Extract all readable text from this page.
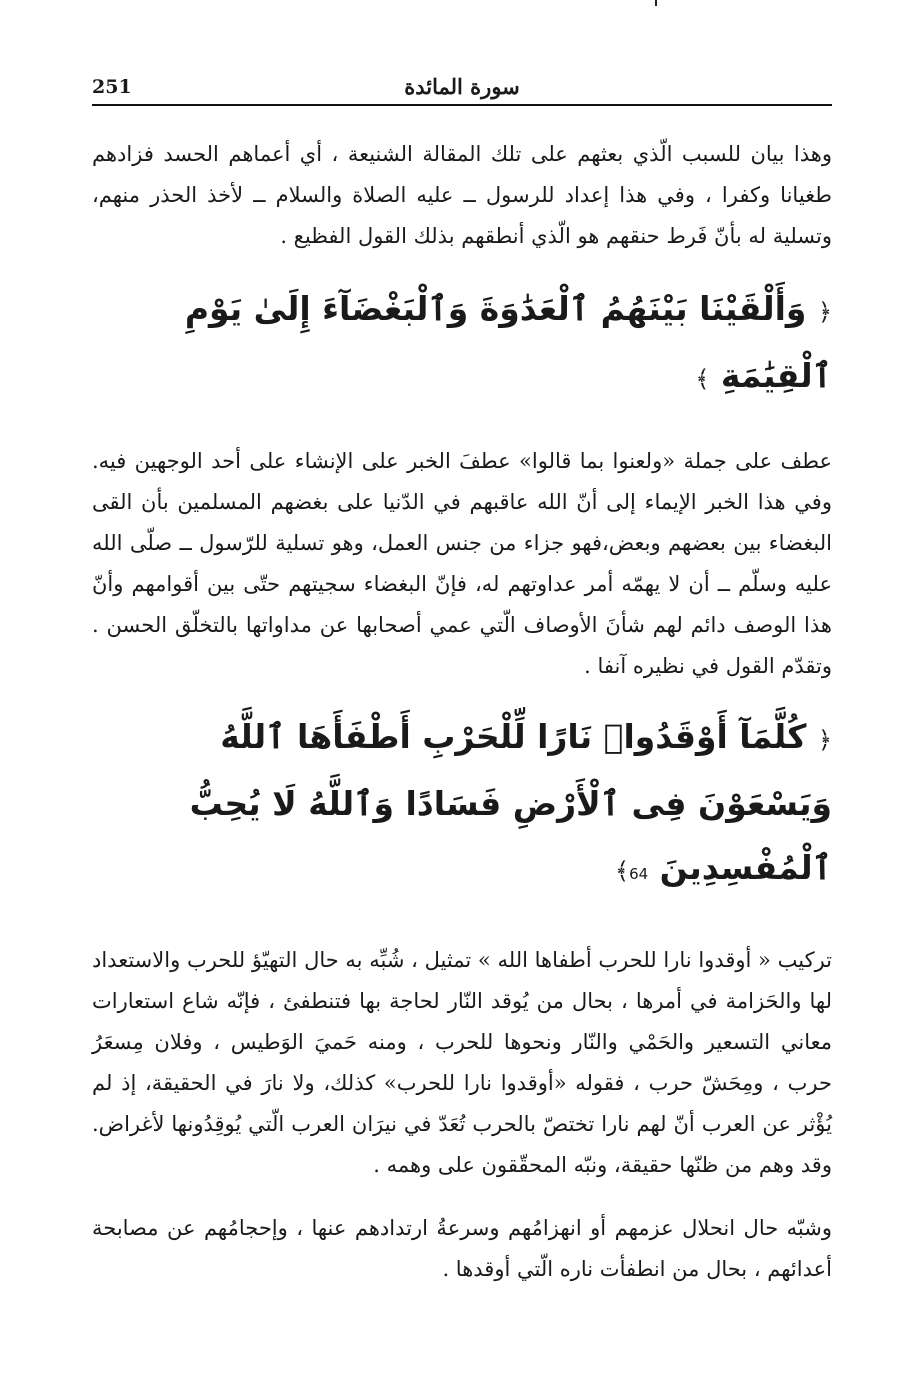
251	سورة المائدة

وهذا بيان للسبب الّذي بعثهم على تلك المقالة الشنيعة ، أي أعماهم الحسد فزادهم طغيانا وكفرا ، وفي هذا إعداد للرسول ــ عليه الصلاة والسلام ــ لأخذ الحذر منهم، وتسلية له بأنّ فَرط حنقهم هو الّذي أنطقهم بذلك القول الفظيع .

﴿ وَأَلْقَيْنَا بَيْنَهُمُ ٱلْعَدَٰوَةَ وَٱلْبَغْضَآءَ إِلَىٰ يَوْمِ ٱلْقِيَٰمَةِ ﴾

عطف على جملة «ولعنوا بما قالوا» عطفَ الخبر على الإنشاء على أحد الوجهين فيه. وفي هذا الخبر الإيماء إلى أنّ الله عاقبهم في الدّنيا على بغضهم المسلمين بأن القى البغضاء بين بعضهم وبعض،فهو جزاء من جنس العمل، وهو تسلية للرّسول ــ صلّى الله عليه وسلّم ــ أن لا يهمّه أمر عداوتهم له، فإنّ البغضاء سجيتهم حتّى بين أقوامهم وأنّ هذا الوصف دائم لهم شأنَ الأوصاف الّتي عمي أصحابها عن مداواتها بالتخلّق الحسن . وتقدّم القول في نظيره آنفا .

﴿ كُلَّمَآ أَوْقَدُوا۟ نَارًا لِّلْحَرْبِ أَطْفَأَهَا ٱللَّهُ وَيَسْعَوْنَ فِى ٱلْأَرْضِ فَسَادًا وَٱللَّهُ لَا يُحِبُّ ٱلْمُفْسِدِينَ 64﴾

تركيب « أوقدوا نارا للحرب أطفاها الله » تمثيل ، شُبِّه به حال التهيّؤ للحرب والاستعداد لها والحَزامة في أمرها ، بحال من يُوقد النّار لحاجة بها فتنطفئ ، فإنّه شاع استعارات معاني التسعير والحَمْي والنّار ونحوها للحرب ، ومنه حَميَ الوَطيس ، وفلان مِسعَرُ حرب ، ومِحَشّ حرب ، فقوله «أوقدوا نارا للحرب» كذلك، ولا نارَ في الحقيقة، إذ لم يُؤْثر عن العرب أنّ لهم نارا تختصّ بالحرب تُعَدّ في نيرَان العرب الّتي يُوقِدُونها لأغراض. وقد وهم من ظنّها حقيقة، ونبّه المحقّقون على وهمه .

وشبّه حال انحلال عزمهم أو انهزامُهم وسرعةُ ارتدادهم عنها ، وإحجامُهم عن مصابحة أعدائهم ، بحال من انطفأت ناره الّتي أوقدها .
